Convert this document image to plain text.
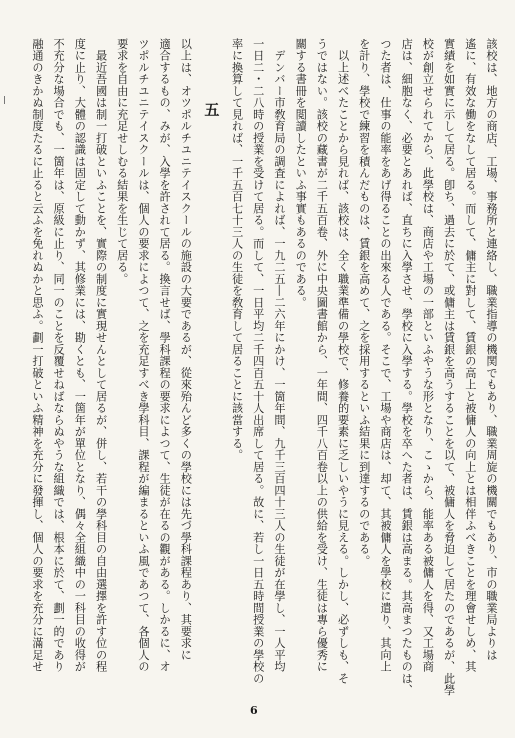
該校は、地方の商店、工場、事務所と連絡し、職業指導の機関でもあり、職業周旋の機關でもあり、市の職業局よりは

遙に、有效な働をなして居る。而して、傭主に對して、賃銀の高上と被傭人の向上とは相伴ふべきことを理會せしめ、其

實績を如實に示して居る。卽ち、過去に於て、或傭主は賃銀を高うすることを以て、被傭人を脅迫して居たのであるが、此學

校が創立せられてから、此學校は、商店や工場の一部といふやうな形となり、こゝから、能率ある被傭人を得、又工場商

店は、細胞なく、必要とあれば、直ちに入學させ、學校に入學する。學校を卒へた者は、賃銀は高まる。其高まつたものは、

つた者は、仕事の能率をあげ得ることの出來る人である。そこで、工場や商店は、却て、其被傭人を學校に遣り、其向上

を計り、學校で練習を積んだものは、賃銀を高めて、之を採用するといふ結果に到達するのである。

　以上述べたことから見れば、該校は、全く職業準備の學校で、修養的要素に乏しいやうに見える。しかし、必ずしも、そ

うではない。該校の藏書が二千五百卷、外に中央圖書館から、一年間、四千八百卷以上の供給を受け、生徒は專ら優秀に

關する書冊を閲讀したといふ事實もあるのである。

　デンバー市敎育局の調査によれば、一九二五―二六年にかけ、一箇年間、九千三百四十三人の生徒が在學し、一人平均

一日二・二八時の授業を受けて居る。而して、一日平均二千四百五十人出席して居る。故に、若し一日五時間授業の學校の

率に換算して見れば、一千五百七十三人の生徒を敎育して居ることに該當する。

五

以上は、オツポルチユニテイスクールの施設の大要であるが、從來殆んど多くの學校には先づ學科課程あり、其要求に

適合するもの、みが、入學を許されて居る。換言せば、學科課程の要求によつて、生徒が在るの觀がある。しかるに、オ

ツポルチユニテイスクールは、個人の要求によつて、之を充足すべき學科目、課程が編まるといふ風であつて、各個人の

要求を自由に充足せしむる結果を生じて居る。

　最近吾國は制一打破といふことを、實際の制度に實現せんとして居るが、併し、若干の學科目の自由選擇を許す位の程

度に止り、大體の認識は固定して動かず、其修業には、勘くとも、一箇年が單位となり、偶々全組織中の一科目の收得が

不充分な場合でも、一箇年は、原級に止り、同一のことを反覆せねばならぬやうな組織では、根本に於て、劃一的であり

融通のきかぬ制度たるに止ると云ふを免れぬかと思ふ。劃一打破といふ精神を充分に發揮し、個人の要求を充分に滿足せ

6
